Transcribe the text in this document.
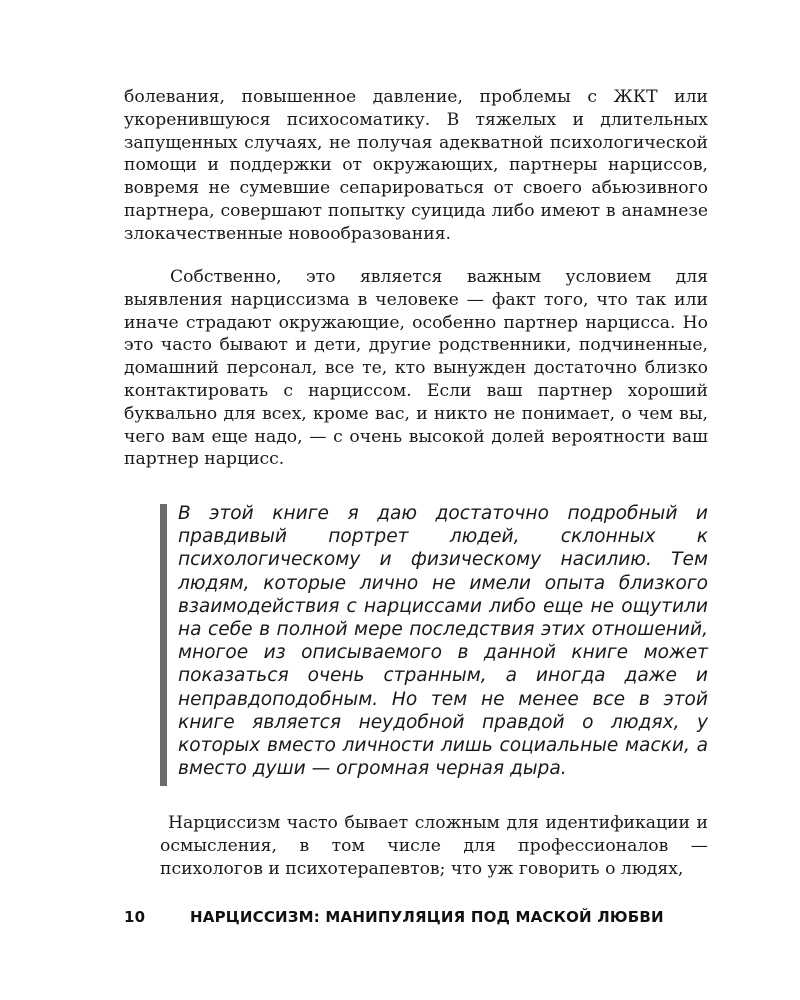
болевания, повышенное давление, проблемы с ЖКТ или укоренившуюся психосоматику. В тяжелых и длительных запущенных случаях, не получая адекватной психологической помощи и поддержки от окружающих, партнеры нарциссов, вовремя не сумевшие сепарироваться от своего абьюзивного партнера, совершают попытку суицида либо имеют в анамнезе злокачественные новообразования.

Собственно, это является важным условием для выявления нарциссизма в человеке — факт того, что так или иначе страдают окружающие, особенно партнер нарцисса. Но это часто бывают и дети, другие родственники, подчиненные, домашний персонал, все те, кто вынужден достаточно близко контактировать с нарциссом. Если ваш партнер хороший буквально для всех, кроме вас, и никто не понимает, о чем вы, чего вам еще надо, — с очень высокой долей вероятности ваш партнер нарцисс.

В этой книге я даю достаточно подробный и правдивый портрет людей, склонных к психологическому и физическому насилию. Тем людям, которые лично не имели опыта близкого взаимодействия с нарциссами либо еще не ощутили на себе в полной мере последствия этих отношений, многое из описываемого в данной книге может показаться очень странным, а иногда даже и неправдоподобным. Но тем не менее все в этой книге является неудобной правдой о людях, у которых вместо личности лишь социальные маски, а вместо души — огромная черная дыра.

Нарциссизм часто бывает сложным для идентификации и осмысления, в том числе для профессионалов — психологов и психотерапевтов; что уж говорить о людях,

10	НАРЦИССИЗМ: МАНИПУЛЯЦИЯ ПОД МАСКОЙ ЛЮБВИ
